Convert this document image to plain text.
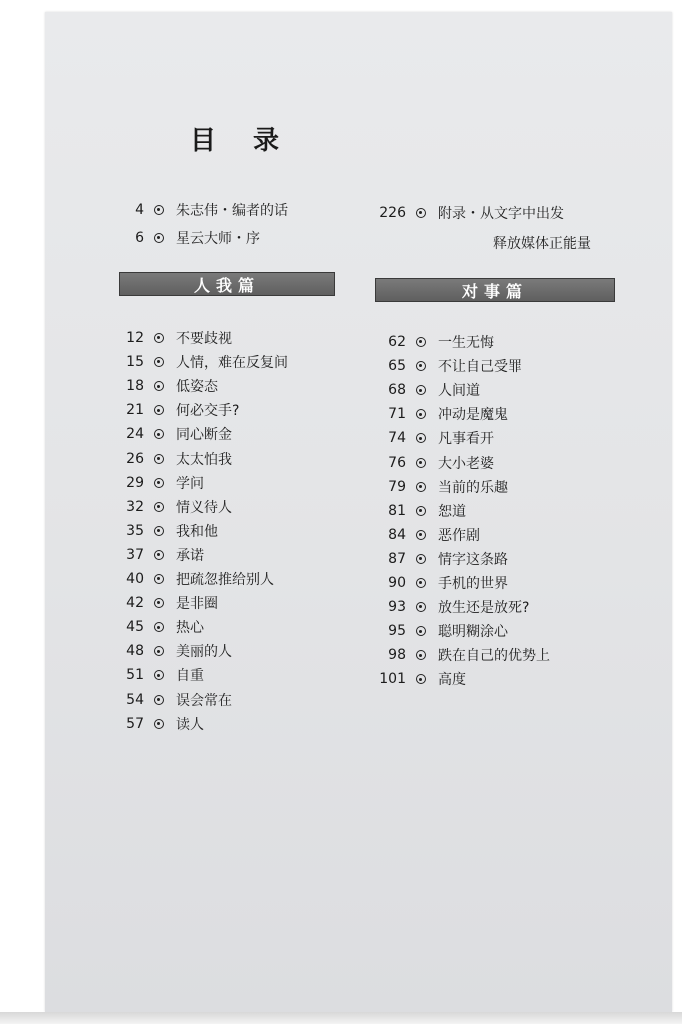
目 录
4 朱志伟・编者的话
6 星云大师・序
226 附录・从文字中出发
释放媒体正能量
人我篇	对事篇
12 不要歧视
15 人情，难在反复间
18 低姿态
21 何必交手?
24 同心断金
26 太太怕我
29 学问
32 情义待人
35 我和他
37 承诺
40 把疏忽推给别人
42 是非圈
45 热心
48 美丽的人
51 自重
54 误会常在
57 读人
62 一生无悔
65 不让自己受罪
68 人间道
71 冲动是魔鬼
74 凡事看开
76 大小老婆
79 当前的乐趣
81 恕道
84 恶作剧
87 情字这条路
90 手机的世界
93 放生还是放死?
95 聪明糊涂心
98 跌在自己的优势上
101 高度
